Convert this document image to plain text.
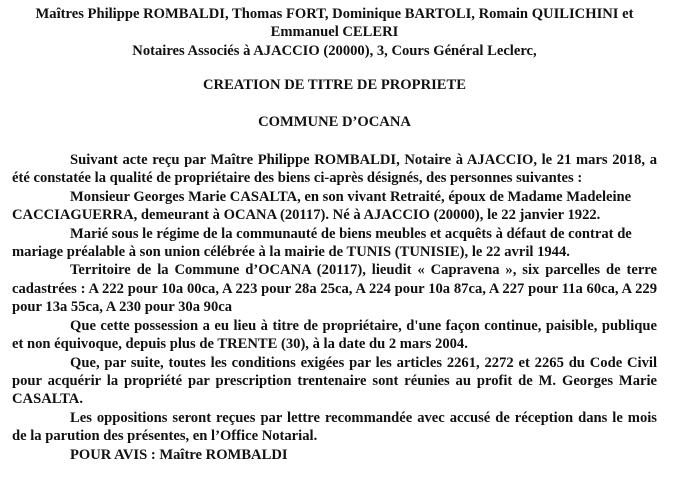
Maîtres Philippe ROMBALDI, Thomas FORT, Dominique BARTOLI, Romain QUILICHINI et
Emmanuel CELERI
Notaires Associés à AJACCIO (20000), 3, Cours Général Leclerc,
CREATION DE TITRE DE PROPRIETE
COMMUNE D’OCANA

Suivant acte reçu par Maître Philippe ROMBALDI, Notaire à AJACCIO, le 21 mars 2018, a été constatée la qualité de propriétaire des biens ci-après désignés, des personnes suivantes :

Monsieur Georges Marie CASALTA, en son vivant Retraité, époux de Madame Madeleine CACCIAGUERRA, demeurant à OCANA (20117). Né à AJACCIO (20000), le 22 janvier 1922.

Marié sous le régime de la communauté de biens meubles et acquêts à défaut de contrat de mariage préalable à son union célébrée à la mairie de TUNIS (TUNISIE), le 22 avril 1944.

Territoire de la Commune d’OCANA (20117), lieudit « Capravena », six parcelles de terre cadastrées : A 222 pour 10a 00ca, A 223 pour 28a 25ca, A 224 pour 10a 87ca, A 227 pour 11a 60ca, A 229 pour 13a 55ca, A 230 pour 30a 90ca

Que cette possession a eu lieu à titre de propriétaire, d'une façon continue, paisible, publique et non équivoque, depuis plus de TRENTE (30), à la date du 2 mars 2004.

Que, par suite, toutes les conditions exigées par les articles 2261, 2272 et 2265 du Code Civil pour acquérir la propriété par prescription trentenaire sont réunies au profit de M. Georges Marie CASALTA.

Les oppositions seront reçues par lettre recommandée avec accusé de réception dans le mois de la parution des présentes, en l’Office Notarial.

POUR AVIS : Maître ROMBALDI
